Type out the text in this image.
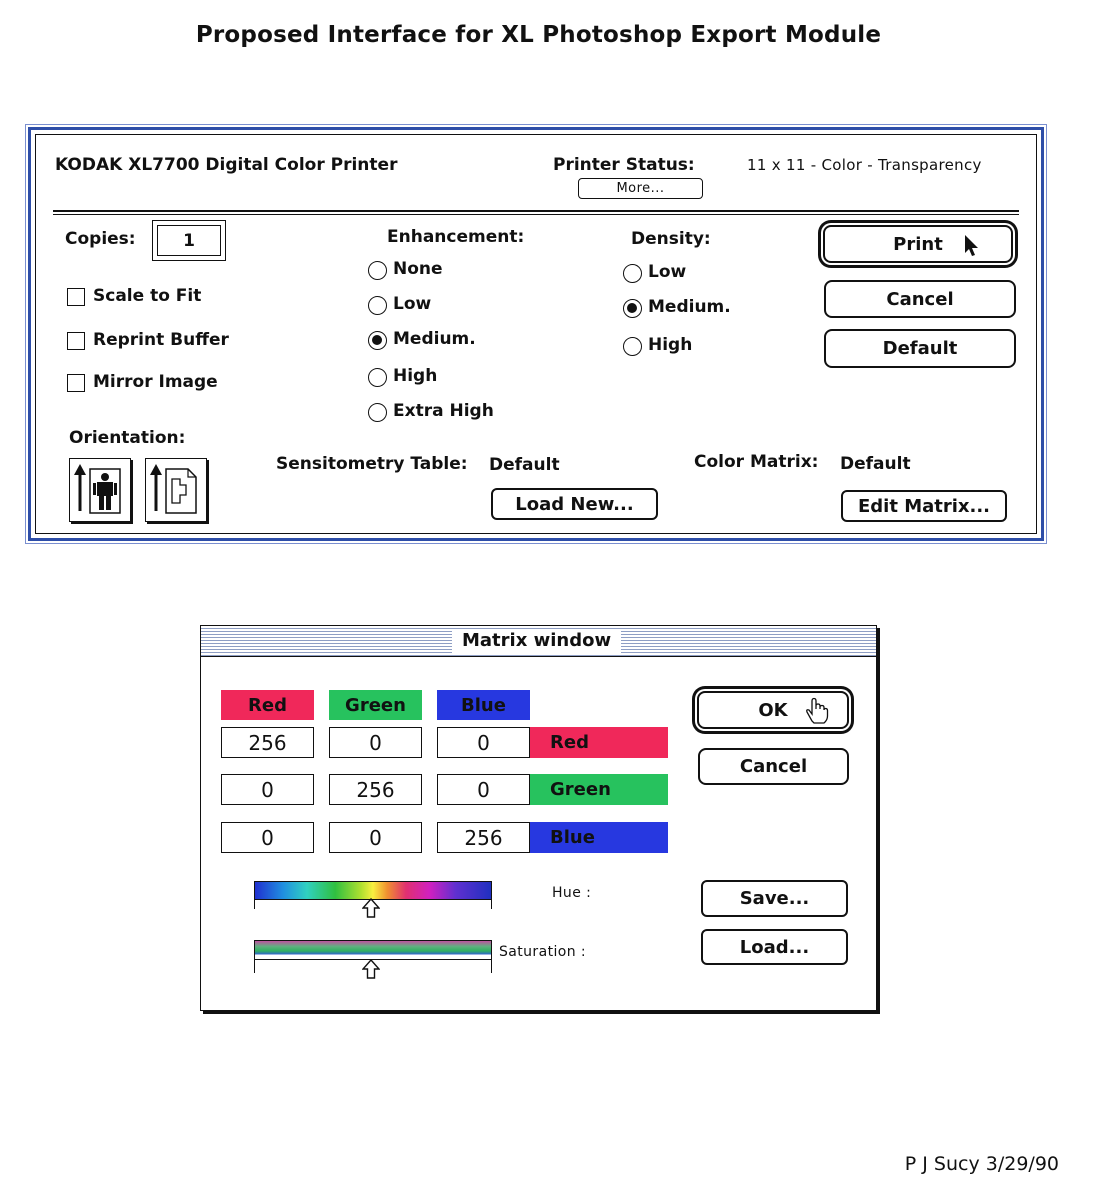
Proposed Interface for XL Photoshop Export Module
KODAK XL7700 Digital Color Printer	Printer Status:	11 x 11 - Color - Transparency
More...
Copies:	1
Scale to Fit
Reprint Buffer
Mirror Image
Orientation:
Enhancement:
None
Low
Medium.
High
Extra High
Density:
Low
Medium.
High
Print
Cancel
Default
Sensitometry Table: Default
Load New...
Color Matrix: Default
Edit Matrix...
Matrix window
Red	Green	Blue
256	0	0	Red
0	256	0	Green
0	0	256	Blue
OK
Cancel
Save...
Load...
Hue :
Saturation :
P J Sucy 3/29/90
